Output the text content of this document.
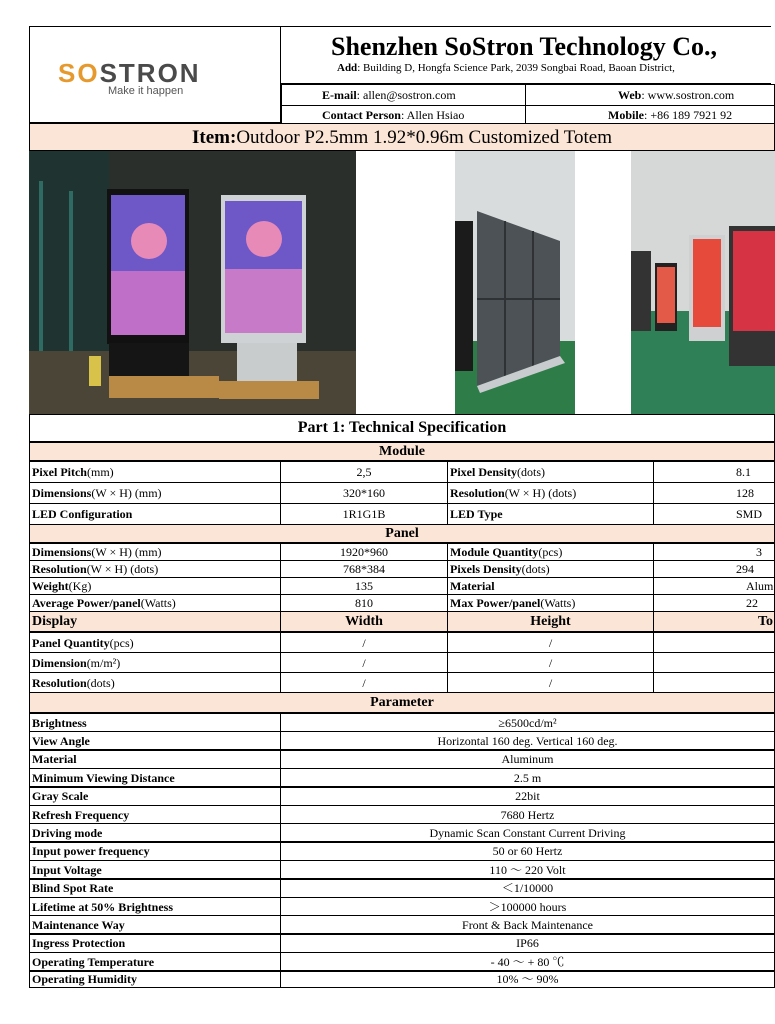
SOSTRON
Make it happen
Shenzhen SoStron Technology Co.,
Add: Building D, Hongfa Science Park, 2039 Songbai Road, Baoan District,
E-mail : allen@sostron.com	Web : www.sostron.com
Contact Person : Allen Hsiao	Mobile : +86 189 7921 92
Item: Outdoor P2.5mm 1.92*0.96m Customized Totem
Part 1: Technical Specification
Module
Pixel Pitch (mm)	2,5	Pixel Density (dots)	8.1
Dimensions (W × H) (mm)	320*160	Resolution (W × H) (dots)	128
LED Configuration	1R1G1B	LED Type	SMD
Panel
Dimensions (W × H) (mm)	1920*960	Module Quantity (pcs)	3
Resolution (W × H) (dots)	768*384	Pixels Density (dots)	294
Weight (Kg)	135	Material	Alum
Average Power/panel (Watts)	810	Max Power/panel (Watts)	22
Display	Width	Height	To
Panel Quantity (pcs)	/	/
Dimension (m/m²)	/	/
Resolution (dots)	/	/
Parameter
Brightness	≥6500cd/m²
View Angle	Horizontal 160 deg. Vertical 160 deg.
Material	Aluminum
Minimum Viewing Distance	2.5 m
Gray Scale	22bit
Refresh Frequency	7680 Hertz
Driving mode	Dynamic Scan Constant Current Driving
Input power frequency	50 or 60 Hertz
Input Voltage	110 ～ 220 Volt
Blind Spot Rate	＜1/10000
Lifetime at 50% Brightness	＞100000 hours
Maintenance Way	Front & Back Maintenance
Ingress Protection	IP66
Operating Temperature	- 40 ～ + 80 ℃
Operating Humidity	10% ～ 90%
